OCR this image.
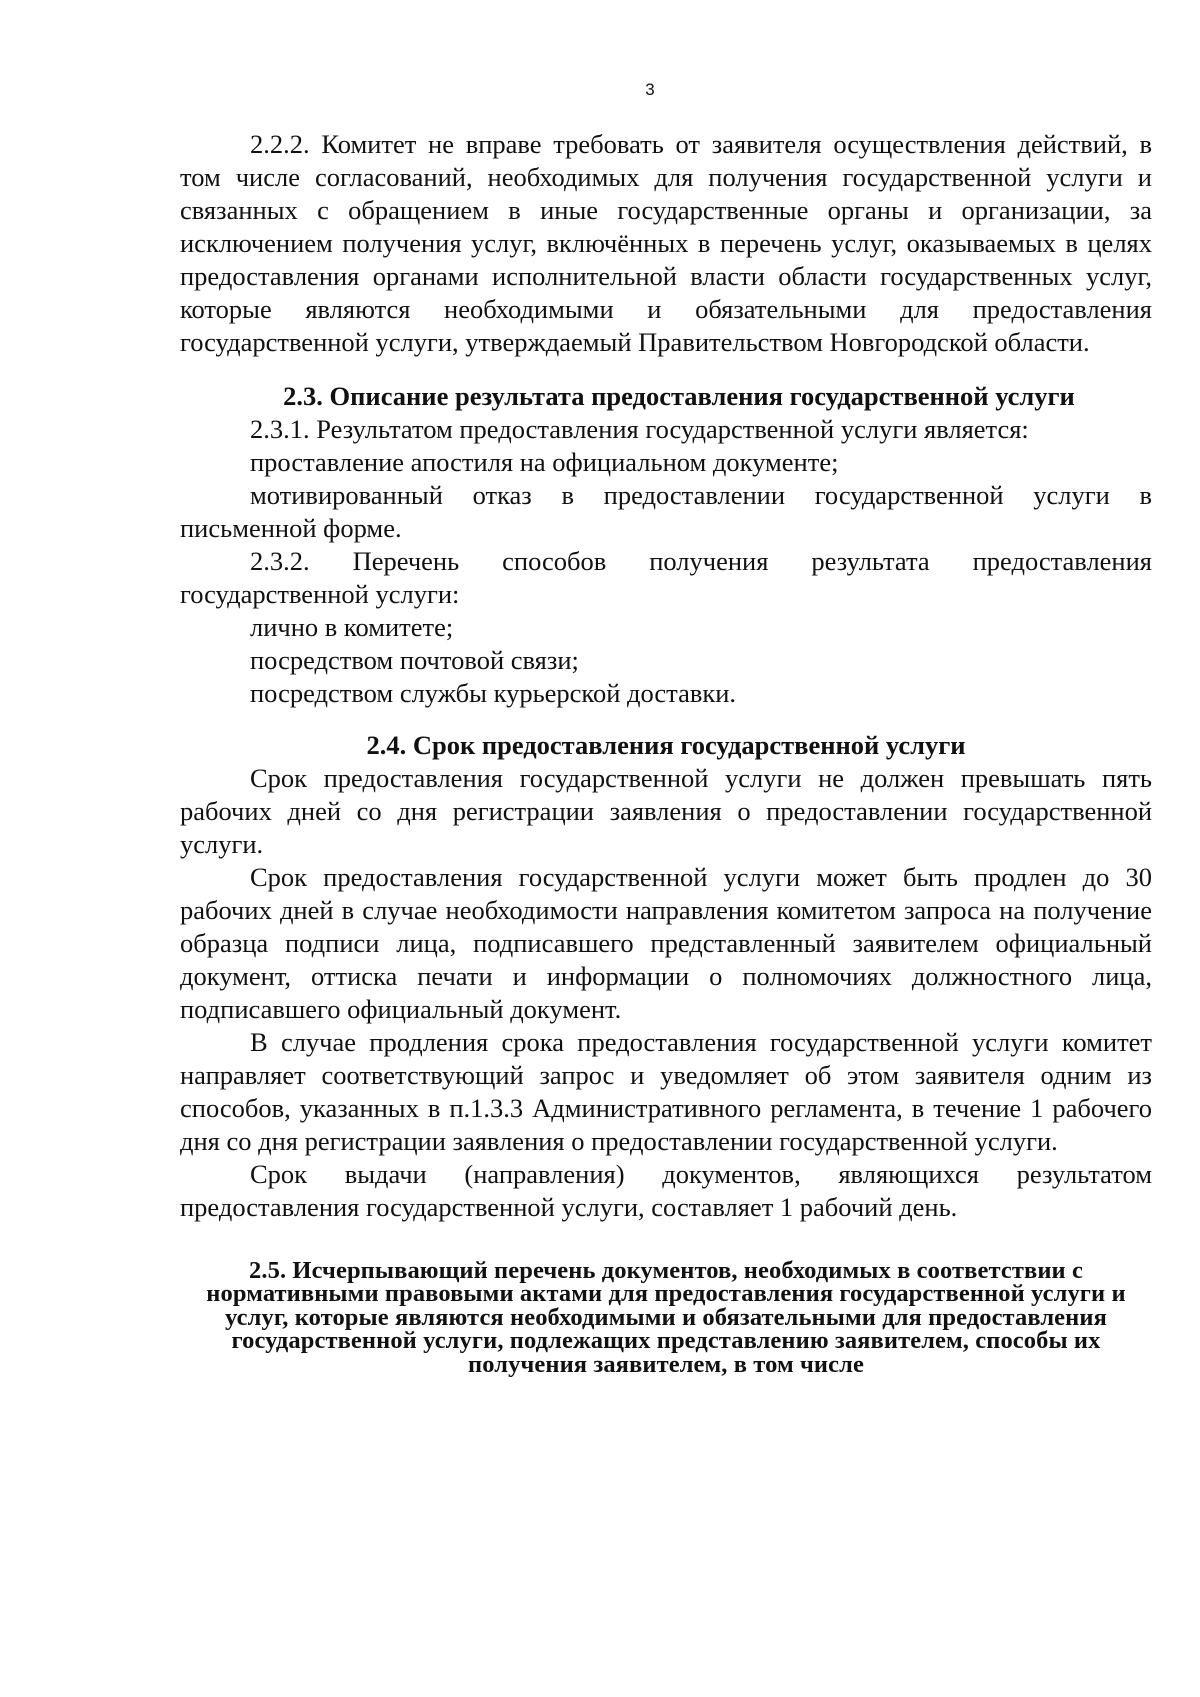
3

2.2.2. Комитет не вправе требовать от заявителя осуществления действий, в том числе согласований, необходимых для получения государственной услуги и связанных с обращением в иные государственные органы и организации, за исключением получения услуг, включённых в перечень услуг, оказываемых в целях предоставления органами исполнительной власти области государственных услуг, которые являются необходимыми и обязательными для предоставления государственной услуги, утверждаемый Правительством Новгородской области.

2.3. Описание результата предоставления государственной услуги

2.3.1. Результатом предоставления государственной услуги является:

проставление апостиля на официальном документе;

мотивированный отказ в предоставлении государственной услуги в письменной форме.

2.3.2. Перечень способов получения результата предоставления государственной услуги:

лично в комитете;

посредством почтовой связи;

посредством службы курьерской доставки.

2.4. Срок предоставления государственной услуги

Срок предоставления государственной услуги не должен превышать пять рабочих дней со дня регистрации заявления о предоставлении государственной услуги.

Срок предоставления государственной услуги может быть продлен до 30 рабочих дней в случае необходимости направления комитетом запроса на получение образца подписи лица, подписавшего представленный заявителем официальный документ, оттиска печати и информации о полномочиях должностного лица, подписавшего официальный документ.

В случае продления срока предоставления государственной услуги комитет направляет соответствующий запрос и уведомляет об этом заявителя одним из способов, указанных в п.1.3.3 Административного регламента, в течение 1 рабочего дня со дня регистрации заявления о предоставлении государственной услуги.

Срок выдачи (направления) документов, являющихся результатом предоставления государственной услуги, составляет 1 рабочий день.

2.5. Исчерпывающий перечень документов, необходимых в соответствии с нормативными правовыми актами для предоставления государственной услуги и услуг, которые являются необходимыми и обязательными для предоставления государственной услуги, подлежащих представлению заявителем, способы их получения заявителем, в том числе
